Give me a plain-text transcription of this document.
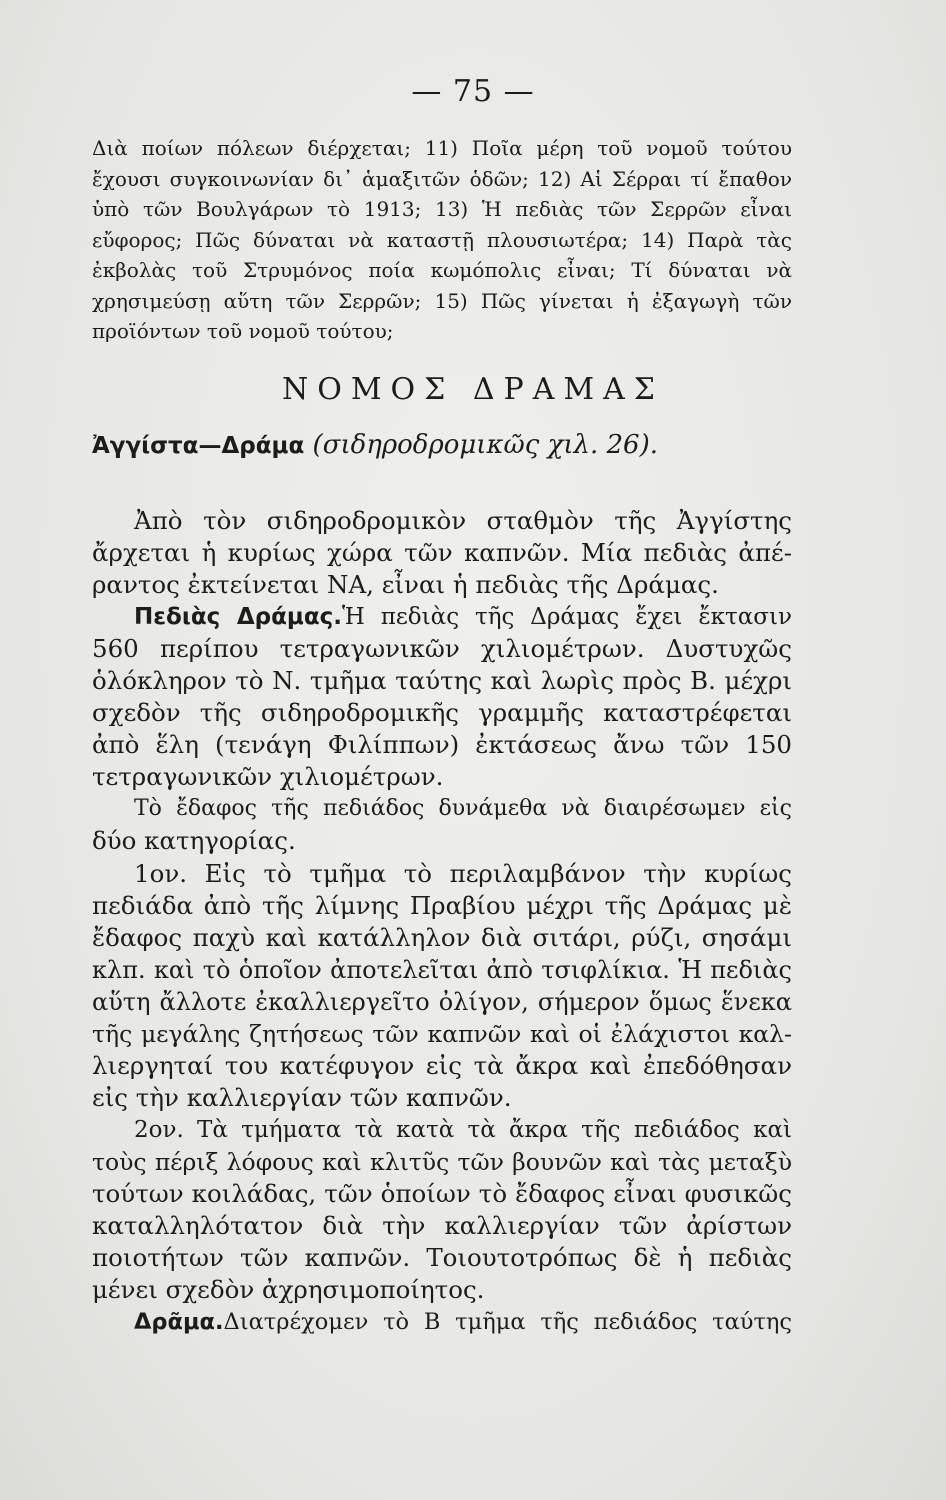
— 75 —
Διὰ ποίων πόλεων διέρχεται; 11) Ποῖα μέρη τοῦ νομοῦ τούτου
ἔχουσι συγκοινωνίαν δι᾽ ἁμαξιτῶν ὁδῶν; 12) Αἱ Σέρραι τί ἔπαθον
ὑπὸ τῶν Βουλγάρων τὸ 1913; 13) Ἡ πεδιὰς τῶν Σερρῶν εἶναι
εὔφορος; Πῶς δύναται νὰ καταστῇ πλουσιωτέρα; 14) Παρὰ τὰς
ἐκβολὰς τοῦ Στρυμόνος ποία κωμόπολις εἶναι; Τί δύναται νὰ
χρησιμεύσῃ αὕτη τῶν Σερρῶν; 15) Πῶς γίνεται ἡ ἐξαγωγὴ τῶν
προϊόντων τοῦ νομοῦ τούτου;
ΝΟΜΟΣ ΔΡΑΜΑΣ
Ἀγγίστα—Δράμα (σιδηροδρομικῶς χιλ. 26).
Ἀπὸ τὸν σιδηροδρομικὸν σταθμὸν τῆς Ἀγγίστης
ἄρχεται ἡ κυρίως χώρα τῶν καπνῶν. Μία πεδιὰς ἀπέ-
ραντος ἐκτείνεται ΝΑ, εἶναι ἡ πεδιὰς τῆς Δράμας.
Πεδιὰς Δράμας.Ἡ πεδιὰς τῆς Δράμας ἔχει ἔκτασιν
560 περίπου τετραγωνικῶν χιλιομέτρων. Δυστυχῶς
ὁλόκληρον τὸ Ν. τμῆμα ταύτης καὶ λωρὶς πρὸς Β. μέχρι
σχεδὸν τῆς σιδηροδρομικῆς γραμμῆς καταστρέφεται
ἀπὸ ἕλη (τενάγη Φιλίππων) ἐκτάσεως ἄνω τῶν 150
τετραγωνικῶν χιλιομέτρων.
Τὸ ἔδαφος τῆς πεδιάδος δυνάμεθα νὰ διαιρέσωμεν εἰς
δύο κατηγορίας.
1ον. Εἰς τὸ τμῆμα τὸ περιλαμβάνον τὴν κυρίως
πεδιάδα ἀπὸ τῆς λίμνης Πραβίου μέχρι τῆς Δράμας μὲ
ἔδαφος παχὺ καὶ κατάλληλον διὰ σιτάρι, ρύζι, σησάμι
κλπ. καὶ τὸ ὁποῖον ἀποτελεῖται ἀπὸ τσιφλίκια. Ἡ πεδιὰς
αὕτη ἄλλοτε ἐκαλλιεργεῖτο ὀλίγον, σήμερον ὅμως ἕνεκα
τῆς μεγάλης ζητήσεως τῶν καπνῶν καὶ οἱ ἐλάχιστοι καλ-
λιεργηταί του κατέφυγον εἰς τὰ ἄκρα καὶ ἐπεδόθησαν
εἰς τὴν καλλιεργίαν τῶν καπνῶν.
2ον. Τὰ τμήματα τὰ κατὰ τὰ ἄκρα τῆς πεδιάδος καὶ
τοὺς πέριξ λόφους καὶ κλιτῦς τῶν βουνῶν καὶ τὰς μεταξὺ
τούτων κοιλάδας, τῶν ὁποίων τὸ ἔδαφος εἶναι φυσικῶς
καταλληλότατον διὰ τὴν καλλιεργίαν τῶν ἀρίστων
ποιοτήτων τῶν καπνῶν. Τοιουτοτρόπως δὲ ἡ πεδιὰς
μένει σχεδὸν ἀχρησιμοποίητος.
Δρᾶμα.Διατρέχομεν τὸ Β τμῆμα τῆς πεδιάδος ταύτης
